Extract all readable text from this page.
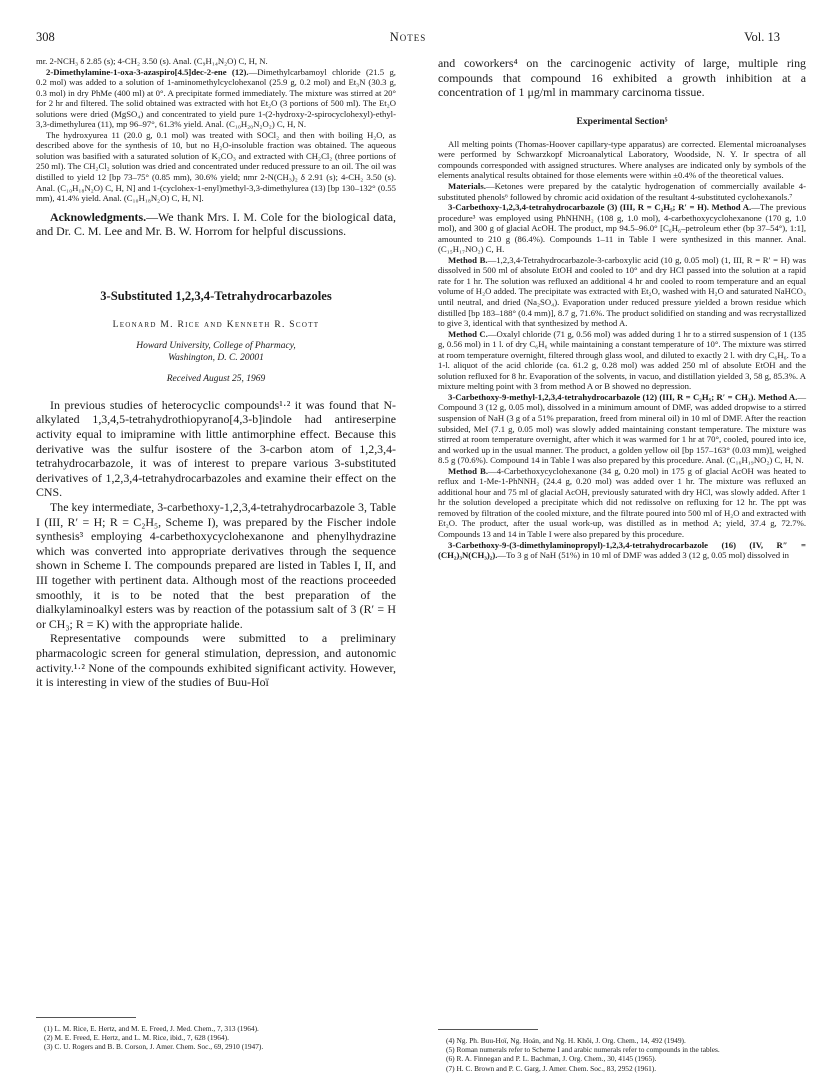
308	Notes	Vol. 13

mr. 2-NCH₃ δ 2.85 (s); 4-CH₂ 3.50 (s). Anal. (C₉H₁₄N₂O) C, H, N.

2-Dimethylamine-1-oxa-3-azaspiro[4.5]dec-2-ene (12).—Dimethylcarbamoyl chloride (21.5 g, 0.2 mol) was added to a solution of 1-aminomethylcyclohexanol (25.9 g, 0.2 mol) and Et₃N (30.3 g, 0.3 mol) in dry PhMe (400 ml) at 0°. A precipitate formed immediately. The mixture was stirred at 20° for 2 hr and filtered. The solid obtained was extracted with hot Et₂O (3 portions of 500 ml). The Et₂O solutions were dried (MgSO₄) and concentrated to yield pure 1-(2-hydroxy-2-spirocyclohexyl)-ethyl-3,3-dimethylurea (11), mp 96–97°, 61.3% yield. Anal. (C₁₀H₂₀N₂O₂) C, H, N.

The hydroxyurea 11 (20.0 g, 0.1 mol) was treated with SOCl₂ and then with boiling H₂O, as described above for the synthesis of 10, but no H₂O-insoluble fraction was obtained. The aqueous solution was basified with a saturated solution of K₂CO₃ and extracted with CH₂Cl₂ (three portions of 250 ml). The CH₂Cl₂ solution was dried and concentrated under reduced pressure to an oil. The oil was distilled to yield 12 [bp 73–75° (0.85 mm), 30.6% yield; nmr 2-N(CH₃)₂ δ 2.91 (s); 4-CH₂ 3.50 (s). Anal. (C₁₀H₁₈N₂O) C, H, N] and 1-(cyclohex-1-enyl)methyl-3,3-dimethylurea (13) [bp 130–132° (0.55 mm), 41.4% yield. Anal. (C₁₀H₁₈N₂O) C, H, N].

Acknowledgments.—We thank Mrs. I. M. Cole for the biological data, and Dr. C. M. Lee and Mr. B. W. Horrom for helpful discussions.

3-Substituted 1,2,3,4-Tetrahydrocarbazoles
Leonard M. Rice and Kenneth R. Scott

Howard University, College of Pharmacy,

Washington, D. C. 20001

Received August 25, 1969

In previous studies of heterocyclic compounds¹·² it was found that N-alkylated 1,3,4,5-tetrahydrothiopyrano[4,3-b]indole had antireserpine activity equal to imipramine with little antimorphine effect. Because this derivative was the sulfur isostere of the 3-carbon atom of 1,2,3,4-tetrahydrocarbazole, it was of interest to prepare various 3-substituted derivatives of 1,2,3,4-tetrahydrocarbazoles and examine their effect on the CNS.

The key intermediate, 3-carbethoxy-1,2,3,4-tetrahydrocarbazole 3, Table I (III, R′ = H; R = C₂H₅, Scheme I), was prepared by the Fischer indole synthesis³ employing 4-carbethoxycyclohexanone and phenylhydrazine which was converted into appropriate derivatives through the sequence shown in Scheme I. The compounds prepared are listed in Tables I, II, and III together with pertinent data. Although most of the reactions proceeded smoothly, it is to be noted that the best preparation of the dialkylaminoalkyl esters was by reaction of the potassium salt of 3 (R′ = H or CH₃; R = K) with the appropriate halide.

Representative compounds were submitted to a preliminary pharmacologic screen for general stimulation, depression, and autonomic activity.¹·² None of the compounds exhibited significant activity. However, it is interesting in view of the studies of Buu-Hoï

(1) L. M. Rice, E. Hertz, and M. E. Freed, J. Med. Chem., 7, 313 (1964).

(2) M. E. Freed, E. Hertz, and L. M. Rice, ibid., 7, 628 (1964).

(3) C. U. Rogers and B. B. Corson, J. Amer. Chem. Soc., 69, 2910 (1947).

and coworkers⁴ on the carcinogenic activity of large, multiple ring compounds that compound 16 exhibited a growth inhibition at a concentration of 1 μg/ml in mammary carcinoma tissue.

Experimental Section⁵

All melting points (Thomas-Hoover capillary-type apparatus) are corrected. Elemental microanalyses were performed by Schwarzkopf Microanalytical Laboratory, Woodside, N. Y. Ir spectra of all compounds corresponded with assigned structures. Where analyses are indicated only by symbols of the elements analytical results obtained for those elements were within ±0.4% of the theoretical values.

Materials.—Ketones were prepared by the catalytic hydrogenation of commercially available 4-substituted phenols⁶ followed by chromic acid oxidation of the resultant 4-substituted cyclohexanols.⁷

3-Carbethoxy-1,2,3,4-tetrahydrocarbazole (3) (III, R = C₂H₅; R′ = H). Method A.—The previous procedure³ was employed using PhNHNH₂ (108 g, 1.0 mol), 4-carbethoxycyclohexanone (170 g, 1.0 mol), and 300 g of glacial AcOH. The product, mp 94.5–96.0° [C₆H₆–petroleum ether (bp 37–54°), 1:1], amounted to 210 g (86.4%). Compounds 1–11 in Table I were synthesized in this manner. Anal. (C₁₅H₁₇NO₂) C, H.

Method B.—1,2,3,4-Tetrahydrocarbazole-3-carboxylic acid (10 g, 0.05 mol) (1, III, R = R′ = H) was dissolved in 500 ml of absolute EtOH and cooled to 10° and dry HCl passed into the solution at a rapid rate for 1 hr. The solution was refluxed an additional 4 hr and cooled to room temperature and an equal volume of H₂O added. The precipitate was extracted with Et₂O, washed with H₂O and saturated NaHCO₃ until neutral, and dried (Na₂SO₄). Evaporation under reduced pressure yielded a brown residue which distilled [bp 183–188° (0.4 mm)], 8.7 g, 71.6%. The product solidified on standing and was recrystallized to give 3, identical with that synthesized by method A.

Method C.—Oxalyl chloride (71 g, 0.56 mol) was added during 1 hr to a stirred suspension of 1 (135 g, 0.56 mol) in 1 l. of dry C₆H₆ while maintaining a constant temperature of 10°. The mixture was stirred at room temperature overnight, filtered through glass wool, and diluted to exactly 2 l. with dry C₆H₆. To a 1-l. aliquot of the acid chloride (ca. 61.2 g, 0.28 mol) was added 250 ml of absolute EtOH and the solution refluxed for 8 hr. Evaporation of the solvents, in vacuo, and distillation yielded 3, 58 g, 85.3%. A mixture melting point with 3 from method A or B showed no depression.

3-Carbethoxy-9-methyl-1,2,3,4-tetrahydrocarbazole (12) (III, R = C₂H₅; R′ = CH₃). Method A.—Compound 3 (12 g, 0.05 mol), dissolved in a minimum amount of DMF, was added dropwise to a stirred suspension of NaH (3 g of a 51% preparation, freed from mineral oil) in 10 ml of DMF. After the reaction subsided, MeI (7.1 g, 0.05 mol) was slowly added maintaining constant temperature. The mixture was stirred at room temperature overnight, after which it was warmed for 1 hr at 70°, cooled, poured into ice, and worked up in the usual manner. The product, a golden yellow oil [bp 157–163° (0.03 mm)], weighed 8.5 g (70.6%). Compound 14 in Table I was also prepared by this procedure. Anal. (C₁₆H₁₉NO₂) C, H, N.

Method B.—4-Carbethoxycyclohexanone (34 g, 0.20 mol) in 175 g of glacial AcOH was heated to reflux and 1-Me-1-PhNNH₂ (24.4 g, 0.20 mol) was added over 1 hr. The mixture was refluxed an additional hour and 75 ml of glacial AcOH, previously saturated with dry HCl, was slowly added. After 1 hr the solution developed a precipitate which did not redissolve on refluxing for 12 hr. The ppt was removed by filtration of the cooled mixture, and the filtrate poured into 500 ml of H₂O and extracted with Et₂O. The product, after the usual work-up, was distilled as in method A; yield, 37.4 g, 72.7%. Compounds 13 and 14 in Table I were also prepared by this procedure.

3-Carbethoxy-9-(3-dimethylaminopropyl)-1,2,3,4-tetrahydrocarbazole (16) (IV, R″ = (CH₂)₃N(CH₃)₂).—To 3 g of NaH (51%) in 10 ml of DMF was added 3 (12 g, 0.05 mol) dissolved in

(4) Ng. Ph. Buu-Hoï, Ng. Hoán, and Ng. H. Khôi, J. Org. Chem., 14, 492 (1949).

(5) Roman numerals refer to Scheme I and arabic numerals refer to compounds in the tables.

(6) R. A. Finnegan and P. L. Bachman, J. Org. Chem., 30, 4145 (1965).

(7) H. C. Brown and P. C. Garg, J. Amer. Chem. Soc., 83, 2952 (1961).
